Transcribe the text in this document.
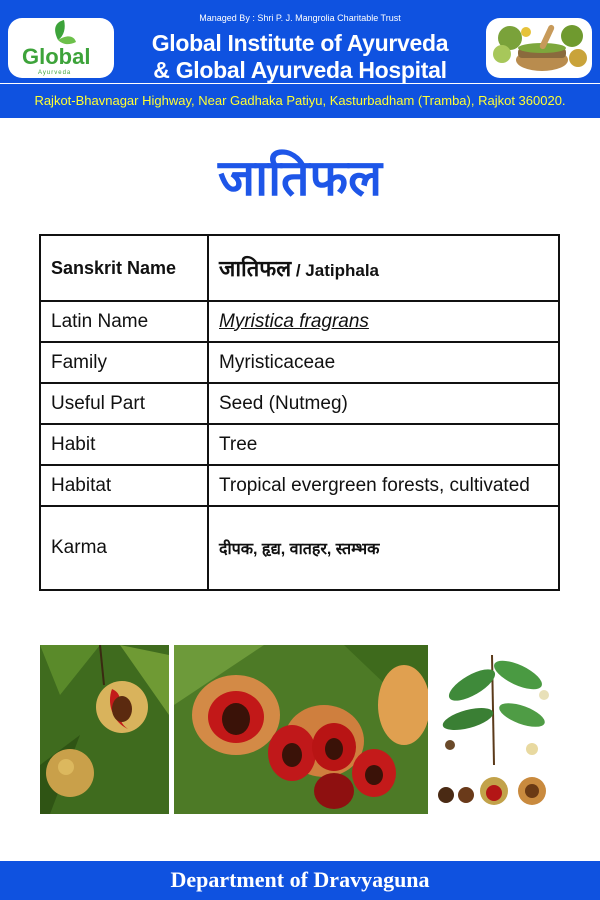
Global
Ayurveda
Managed By : Shri P. J. Mangrolia Charitable Trust
Global Institute of Ayurveda
& Global Ayurveda Hospital
Rajkot-Bhavnagar Highway, Near Gadhaka Patiyu, Kasturbadham (Tramba), Rajkot 360020.
जातिफल
Sanskrit Name	जातिफल / Jatiphala
Latin Name	Myristica fragrans
Family	Myristicaceae
Useful Part	Seed (Nutmeg)
Habit	Tree
Habitat	Tropical evergreen forests, cultivated
Karma	दीपक, हृद्य, वातहर, स्तम्भक
Department of Dravyaguna
